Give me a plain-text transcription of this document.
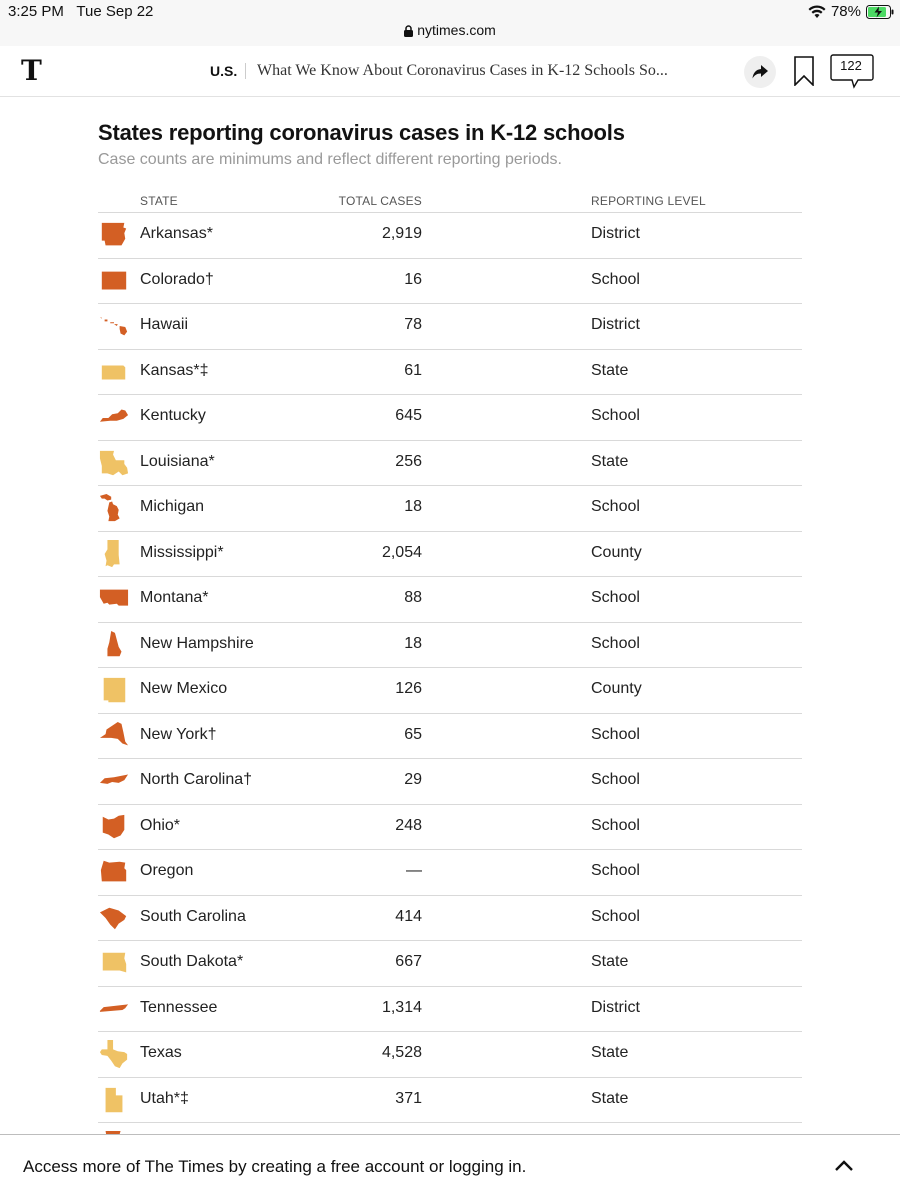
3:25 PM Tue Sep 22	78%
nytimes.com
T	U.S. What We Know About Coronavirus Cases in K-12 Schools So...	122
States reporting coronavirus cases in K-12 schools
Case counts are minimums and reflect different reporting periods.
STATE	TOTAL CASES	REPORTING LEVEL
Arkansas*	2,919	District
Colorado†	16	School
Hawaii	78	District
Kansas*‡	61	State
Kentucky	645	School
Louisiana*	256	State
Michigan	18	School
Mississippi*	2,054	County
Montana*	88	School
New Hampshire	18	School
New Mexico	126	County
New York†	65	School
North Carolina†	29	School
Ohio*	248	School
Oregon	—	School
South Carolina	414	School
South Dakota*	667	State
Tennessee	1,314	District
Texas	4,528	State
Utah*‡	371	State
Access more of The Times by creating a free account or logging in.
